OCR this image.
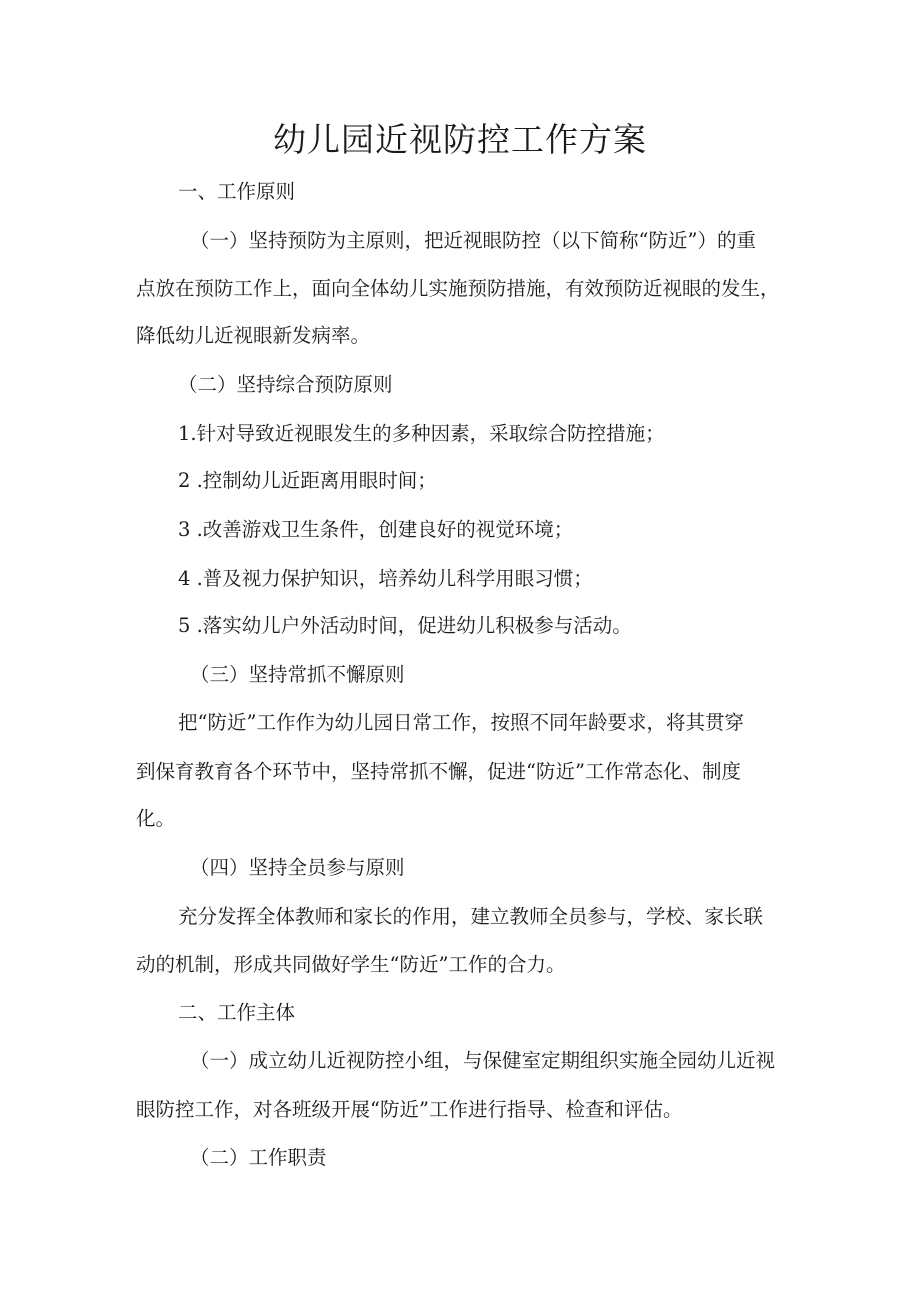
幼儿园近视防控工作方案

一、工作原则

（一）坚持预防为主原则，把近视眼防控（以下简称“防近”）的重

点放在预防工作上，面向全体幼儿实施预防措施，有效预防近视眼的发生，

降低幼儿近视眼新发病率。

（二）坚持综合预防原则

1.针对导致近视眼发生的多种因素，采取综合防控措施；

2 .控制幼儿近距离用眼时间；

3 .改善游戏卫生条件，创建良好的视觉环境；

4 .普及视力保护知识，培养幼儿科学用眼习惯；

5 .落实幼儿户外活动时间，促进幼儿积极参与活动。

（三）坚持常抓不懈原则

把“防近”工作作为幼儿园日常工作，按照不同年龄要求，将其贯穿

到保育教育各个环节中，坚持常抓不懈，促进“防近”工作常态化、制度

化。

（四）坚持全员参与原则

充分发挥全体教师和家长的作用，建立教师全员参与，学校、家长联

动的机制，形成共同做好学生“防近”工作的合力。

二、工作主体

（一）成立幼儿近视防控小组，与保健室定期组织实施全园幼儿近视

眼防控工作，对各班级开展“防近”工作进行指导、检查和评估。

（二）工作职责
